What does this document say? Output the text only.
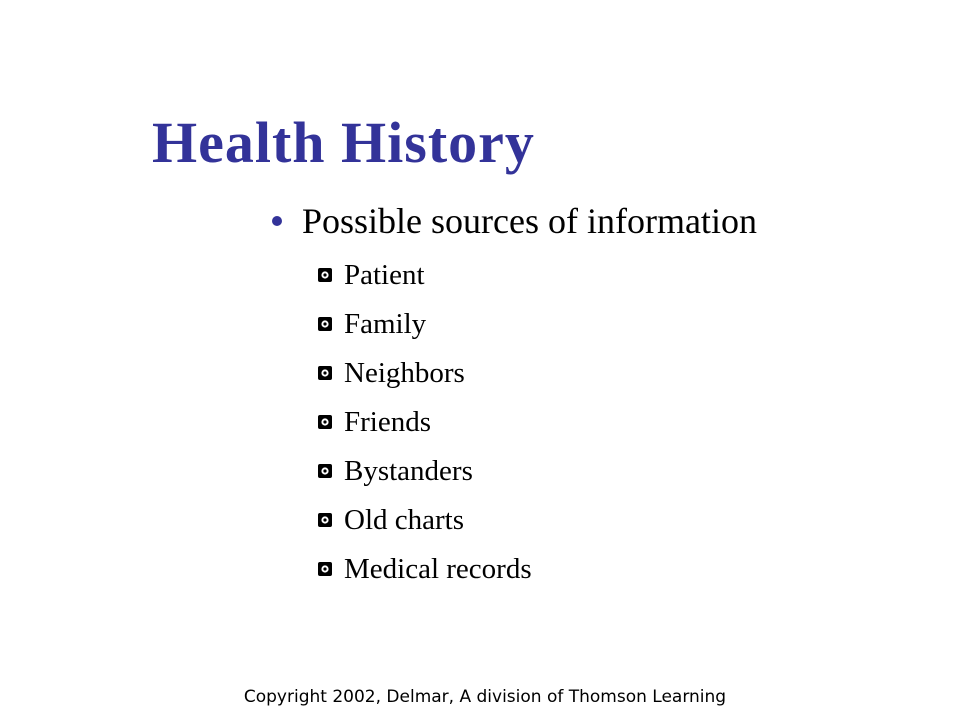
Health History
Possible sources of information
Patient
Family
Neighbors
Friends
Bystanders
Old charts
Medical records
Copyright 2002, Delmar, A division of Thomson Learning
